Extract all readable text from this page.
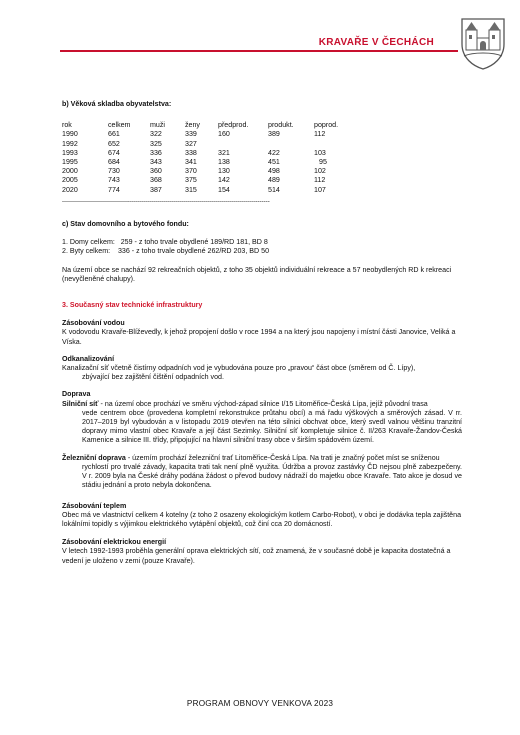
KRAVAŘE V ČECHÁCH

b) Věková skladba obyvatelstva:

rok	celkem	muži	ženy	předprod.	produkt.	poprod.
1990	661	322	339	160	389	112
1992	652	325	327			
1993	674	336	338	321	422	103
1995	684	343	341	138	451	95
2000	730	360	370	130	498	102
2005	743	368	375	142	489	112
2020	774	387	315	154	514	107
--------------------------------------------------------------------------------------------------------

c) Stav domovního a bytového fondu:

1. Domy celkem:   259 - z toho trvale obydlené 189/RD 181, BD 8

2. Byty celkem:    336 - z toho trvale obydlené 262/RD 203, BD 50

Na území obce se nachází 92 rekreačních objektů, z toho 35 objektů individuální rekreace a 57 neobydlených RD k rekreaci (nevyčleněné chalupy).

3. Současný stav technické infrastruktury

Zásobování vodou

K vodovodu Kravaře-Blíževedly, k jehož propojení došlo v roce 1994 a na který jsou napojeny i místní části Janovice, Veliká a Víska.

Odkanalizování

Kanalizační síť včetně čistírny odpadních vod je vybudována pouze pro „pravou“ část obce (směrem od Č. Lípy),

zbývající bez zajištění čištění odpadních vod.

Doprava

Silniční síť - na území obce prochází ve směru východ-západ silnice I/15 Litoměřice-Česká Lípa, jejíž původní trasa

vede centrem obce (provedena kompletní rekonstrukce průtahu obcí) a má řadu výškových a směrových zásad. V rr. 2017–2019 byl vybudován a v listopadu 2019 otevřen na této silnici obchvat obce, který svedl valnou většinu tranzitní dopravy mimo vlastní obec Kravaře a její část Sezimky. Silniční síť kompletuje silnice č. II/263 Kravaře-Žandov-Česká Kamenice a silnice III. třídy, připojující na hlavní silniční trasy obce v širším spádovém území.

Železniční doprava - územím prochází železniční trať Litoměřice-Česká Lípa. Na trati je značný počet míst se sníženou

rychlostí pro trvalé závady, kapacita trati tak není plně využita. Údržba a provoz zastávky ČD nejsou plně zabezpečeny. V r. 2009 byla na České dráhy podána žádost o převod budovy nádraží do majetku obce Kravaře. Tato akce je dosud ve stádiu jednání a proto nebyla dokončena.

Zásobování teplem

Obec má ve vlastnictví celkem 4 kotelny (z toho 2 osazeny ekologickým kotlem Carbo-Robot), v obci je dodávka tepla zajištěna lokálními topidly s výjimkou elektrického vytápění objektů, což činí cca 20 domácností.

Zásobování elektrickou energií

V letech 1992-1993 proběhla generální oprava elektrických sítí, což znamená, že v současné době je kapacita dostatečná a vedení je uloženo v zemi (pouze Kravaře).

PROGRAM OBNOVY VENKOVA 2023
